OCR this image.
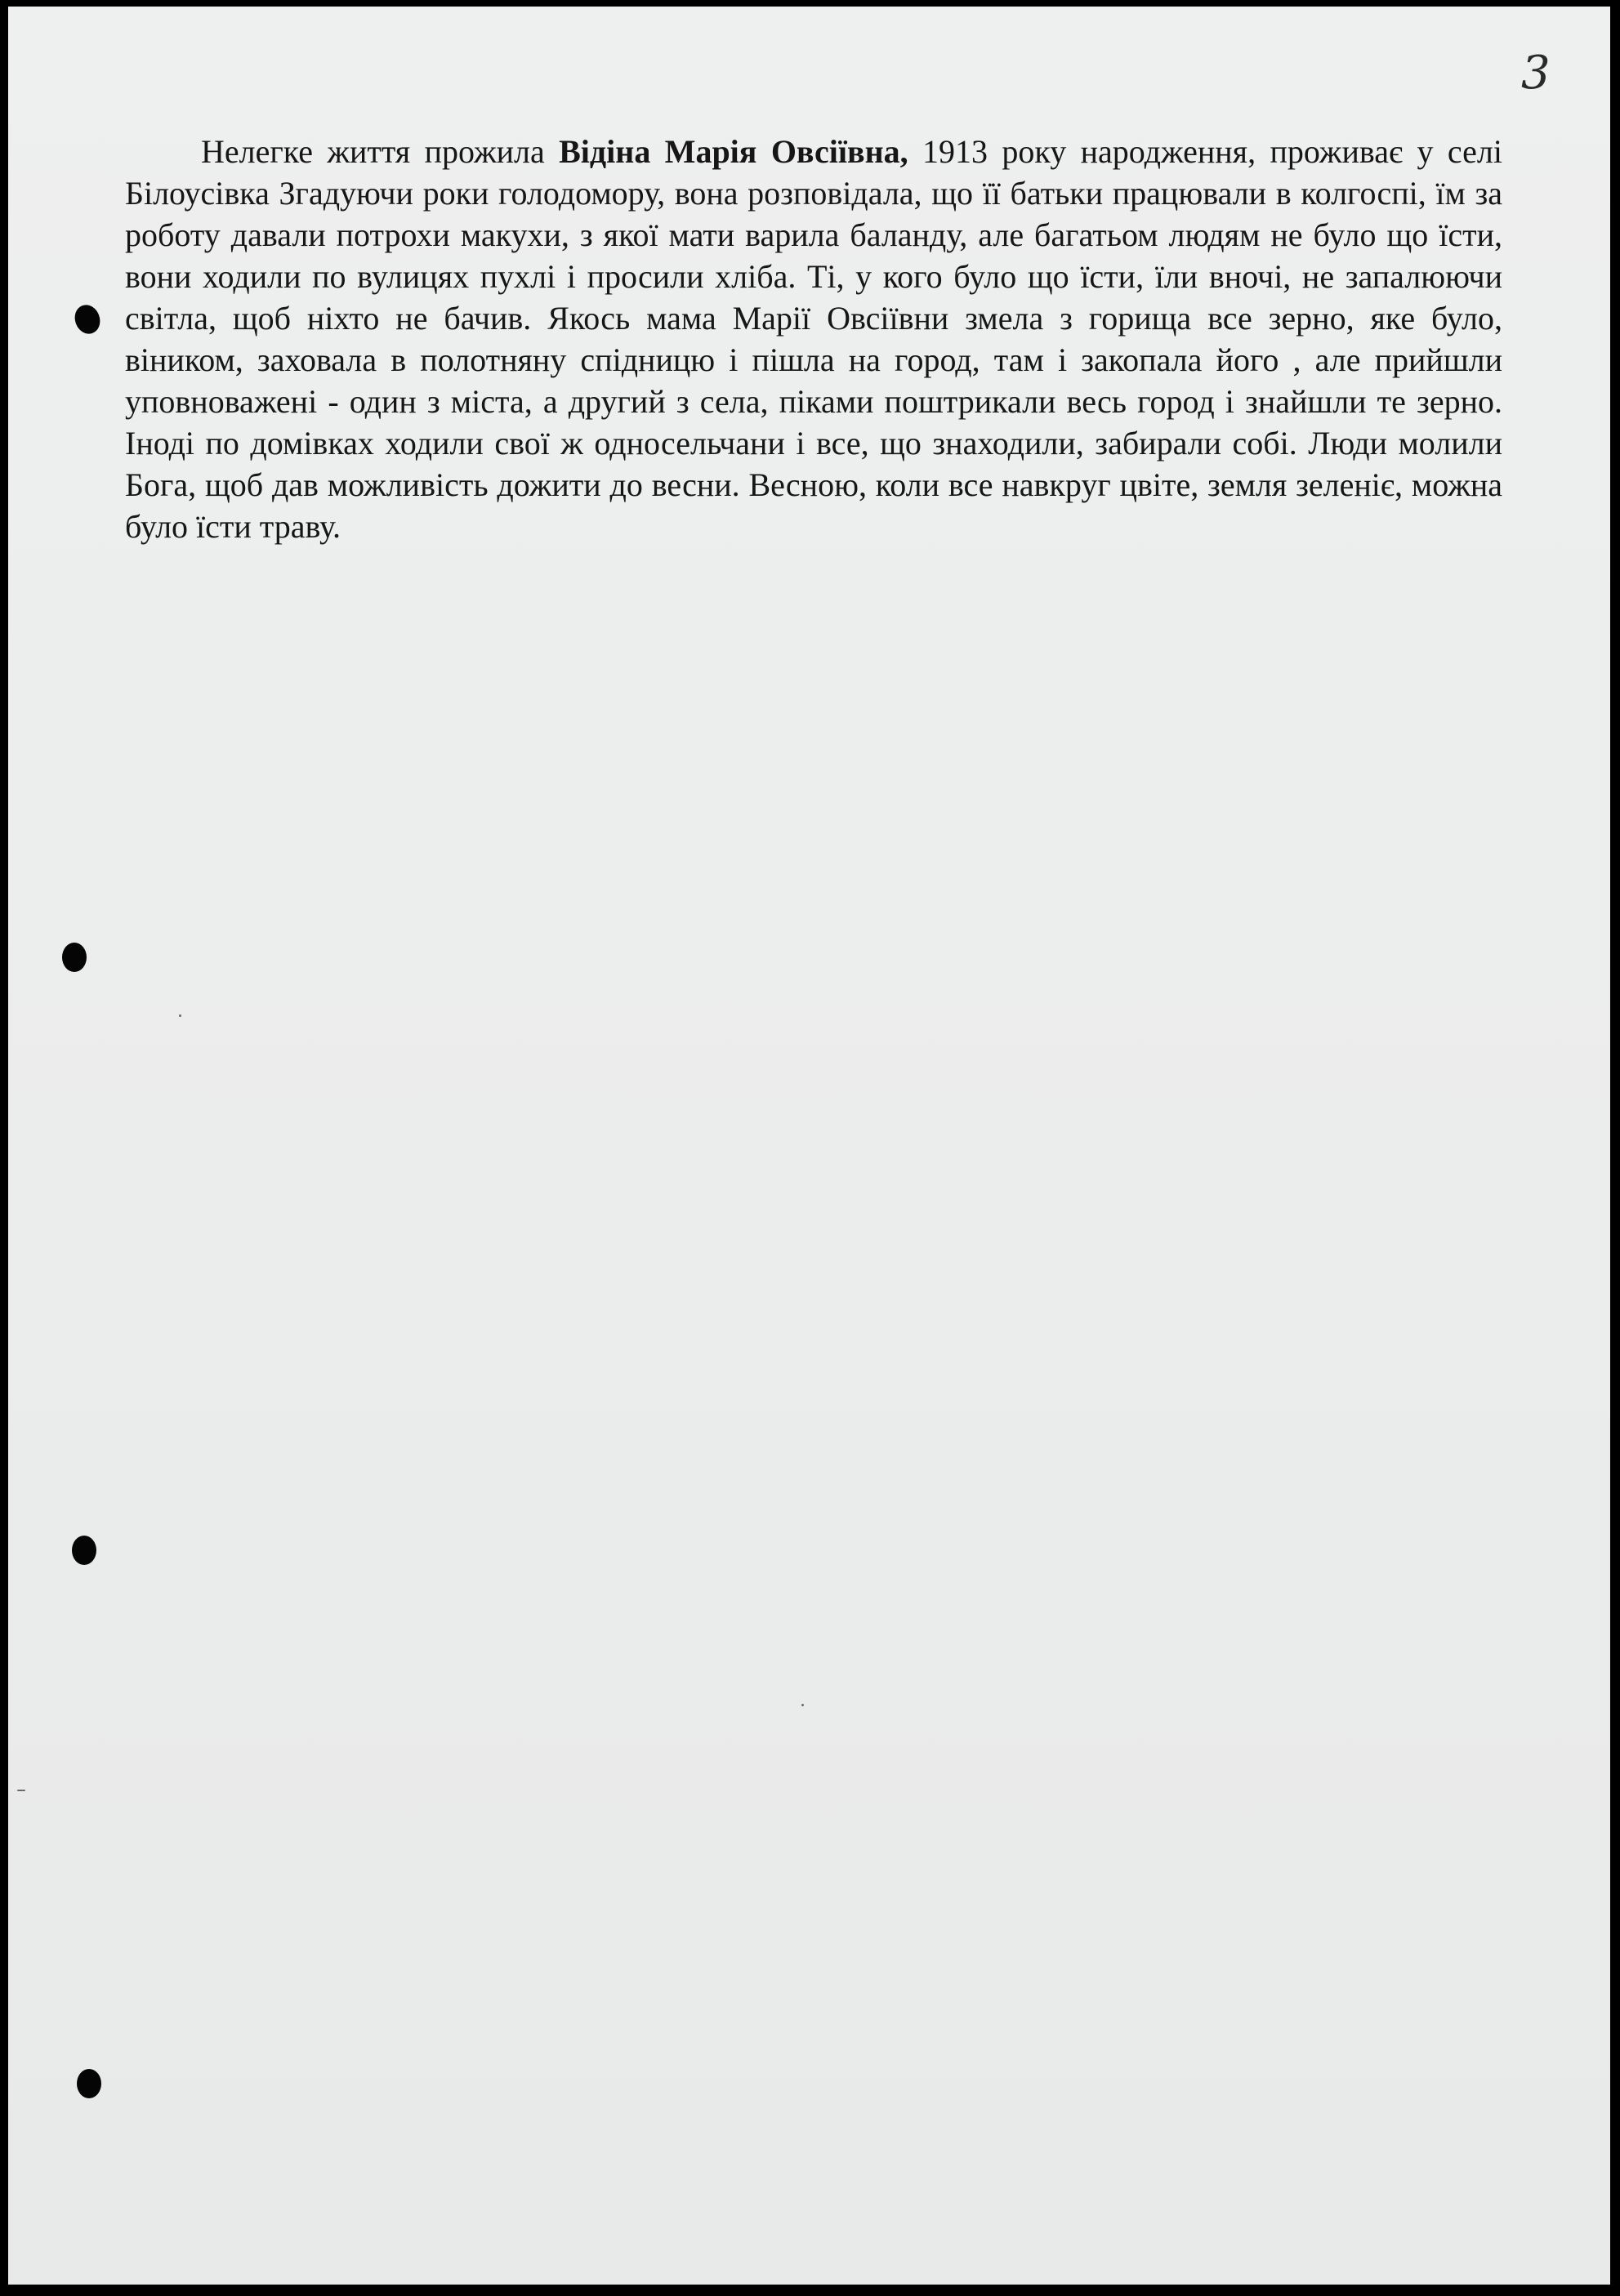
3

Нелегке життя прожила Відіна Марія Овсіївна, 1913 року народження, проживає у селі Білоусівка Згадуючи роки голодомору, вона розповідала, що її батьки працювали в колгоспі, їм за роботу давали потрохи макухи, з якої мати варила баланду, але багатьом людям не було що їсти, вони ходили по вулицях пухлі і просили хліба. Ті, у кого було що їсти, їли вночі, не запалюючи світла, щоб ніхто не бачив. Якось мама Марії Овсіївни змела з горища все зерно, яке було, віником, заховала в полотняну спідницю і пішла на город, там і закопала його , але прийшли уповноважені - один з міста, а другий з села, піками поштрикали весь город і знайшли те зерно. Іноді по домівках ходили свої ж односельчани і все, що знаходили, забирали собі. Люди молили Бога, щоб дав можливість дожити до весни. Весною, коли все навкруг цвіте, земля зеленіє, можна було їсти траву.
